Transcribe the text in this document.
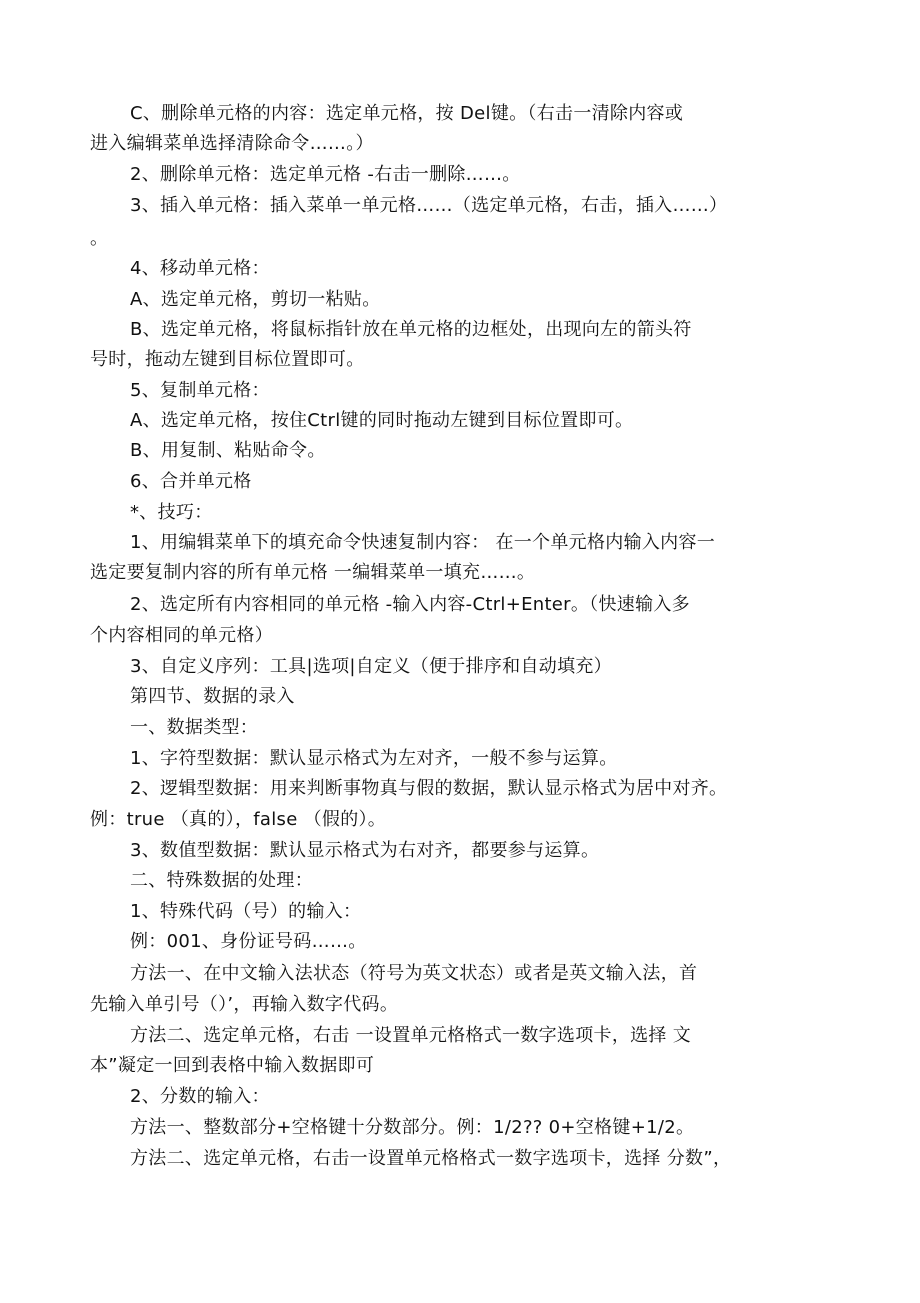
C、删除单元格的内容：选定单元格，按 Del键。（右击一清除内容或
进入编辑菜单选择清除命令……。）
2、删除单元格：选定单元格 -右击一删除……。
3、插入单元格：插入菜单一单元格……（选定单元格，右击，插入……）
。
4、移动单元格：
A、选定单元格，剪切一粘贴。
B、选定单元格，将鼠标指针放在单元格的边框处，出现向左的箭头符
号时，拖动左键到目标位置即可。
5、复制单元格：
A、选定单元格，按住Ctrl键的同时拖动左键到目标位置即可。
B、用复制、粘贴命令。
6、合并单元格
*、技巧：
1、用编辑菜单下的填充命令快速复制内容： 在一个单元格内输入内容一
选定要复制内容的所有单元格 一编辑菜单一填充……。
2、选定所有内容相同的单元格 -输入内容-Ctrl+Enter。（快速输入多
个内容相同的单元格）
3、自定义序列：工具|选项|自定义（便于排序和自动填充）
第四节、数据的录入
一、数据类型：
1、字符型数据：默认显示格式为左对齐，一般不参与运算。
2、逻辑型数据：用来判断事物真与假的数据，默认显示格式为居中对齐。
例：true （真的），false （假的）。
3、数值型数据：默认显示格式为右对齐，都要参与运算。
二、特殊数据的处理：
1、特殊代码（号）的输入：
例：001、身份证号码……。
方法一、在中文输入法状态（符号为英文状态）或者是英文输入法，首
先输入单引号（）’，再输入数字代码。
方法二、选定单元格，右击 一设置单元格格式一数字选项卡，选择 文
本”凝定一回到表格中输入数据即可
2、分数的输入：
方法一、整数部分+空格键十分数部分。例：1/2?? 0+空格键+1/2。
方法二、选定单元格，右击一设置单元格格式一数字选项卡，选择 分数”，
